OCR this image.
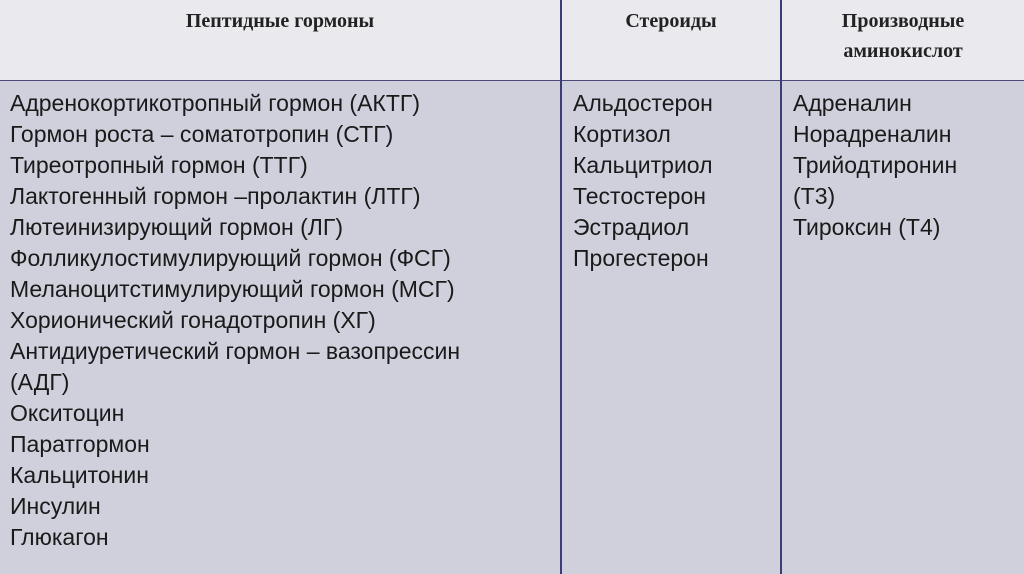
Пептидные гормоны	Стероиды	Производные
аминокислот
Адренокортикотропный гормон (АКТГ)
Гормон роста – соматотропин (СТГ)
Тиреотропный гормон (ТТГ)
Лактогенный гормон –пролактин (ЛТГ)
Лютеинизирующий гормон (ЛГ)
Фолликулостимулирующий гормон (ФСГ)
Меланоцитстимулирующий гормон (МСГ)
Хорионический гонадотропин (ХГ)
Антидиуретический гормон – вазопрессин
(АДГ)
Окситоцин
Паратгормон
Кальцитонин
Инсулин
Глюкагон
Альдостерон
Кортизол
Кальцитриол
Тестостерон
Эстрадиол
Прогестерон
Адреналин
Норадреналин
Трийодтиронин
(Т3)
Тироксин (Т4)
